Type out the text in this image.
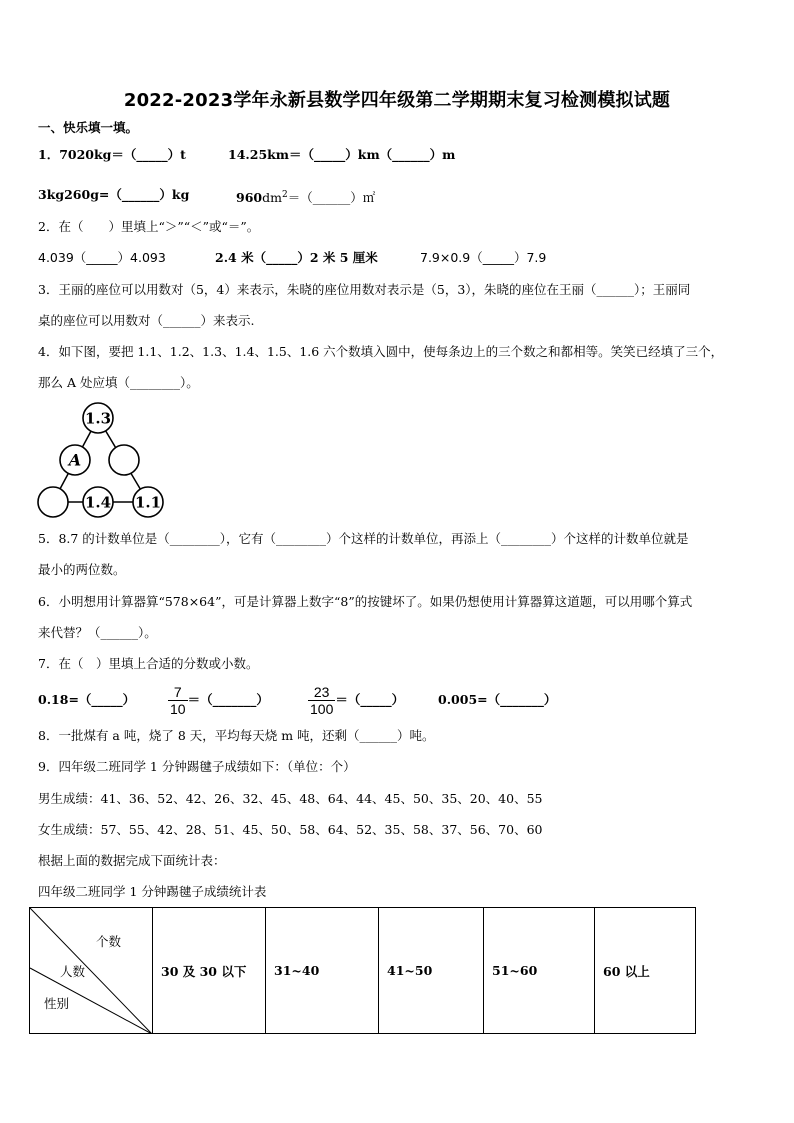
2022-2023学年永新县数学四年级第二学期期末复习检测模拟试题
一、快乐填一填。
1．7020kg＝（_____）t	14.25km＝（_____）km（______）m
3kg260g=（______）kg	$960dm^2=(\_\_\_\_\_\_)㎡$
2．在（　　）里填上“＞”“＜”或“＝”。
4.039（_____）4.093	2.4 米（_____）2 米 5 厘米	7.9×0.9（_____）7.9
3．王丽的座位可以用数对（5，4）来表示，朱晓的座位用数对表示是（5，3），朱晓的座位在王丽（______）；王丽同
桌的座位可以用数对（______）来表示.
4．如下图，要把 1.1、1.2、1.3、1.4、1.5、1.6 六个数填入圆中，使每条边上的三个数之和都相等。笑笑已经填了三个，
那么 A 处应填（________）。
1.3
A
1.4 1.1
5．8.7 的计数单位是（________），它有（________）个这样的计数单位，再添上（________）个这样的计数单位就是
最小的两位数。
6．小明想用计算器算“578×64”，可是计算器上数字“8”的按键坏了。如果仍想使用计算器算这道题，可以用哪个算式
来代替？（______）。
7．在（　）里填上合适的分数或小数。
0.18=（_____） $\frac{7}{10}$ ＝（_______）	$\frac{23}{100}$ ＝（_____）	0.005=（_______）
8．一批煤有 a 吨，烧了 8 天，平均每天烧 m 吨，还剩（______）吨。
9．四年级二班同学 1 分钟踢毽子成绩如下：（单位：个）
男生成绩：41、36、52、42、26、32、45、48、64、44、45、50、35、20、40、55
女生成绩：57、55、42、28、51、45、50、58、64、52、35、58、37、56、70、60
根据上面的数据完成下面统计表：
四年级二班同学 1 分钟踢毽子成绩统计表
个数
人数
性别
	30 及 30 以下	31~40	41~50	51~60	60 以上
